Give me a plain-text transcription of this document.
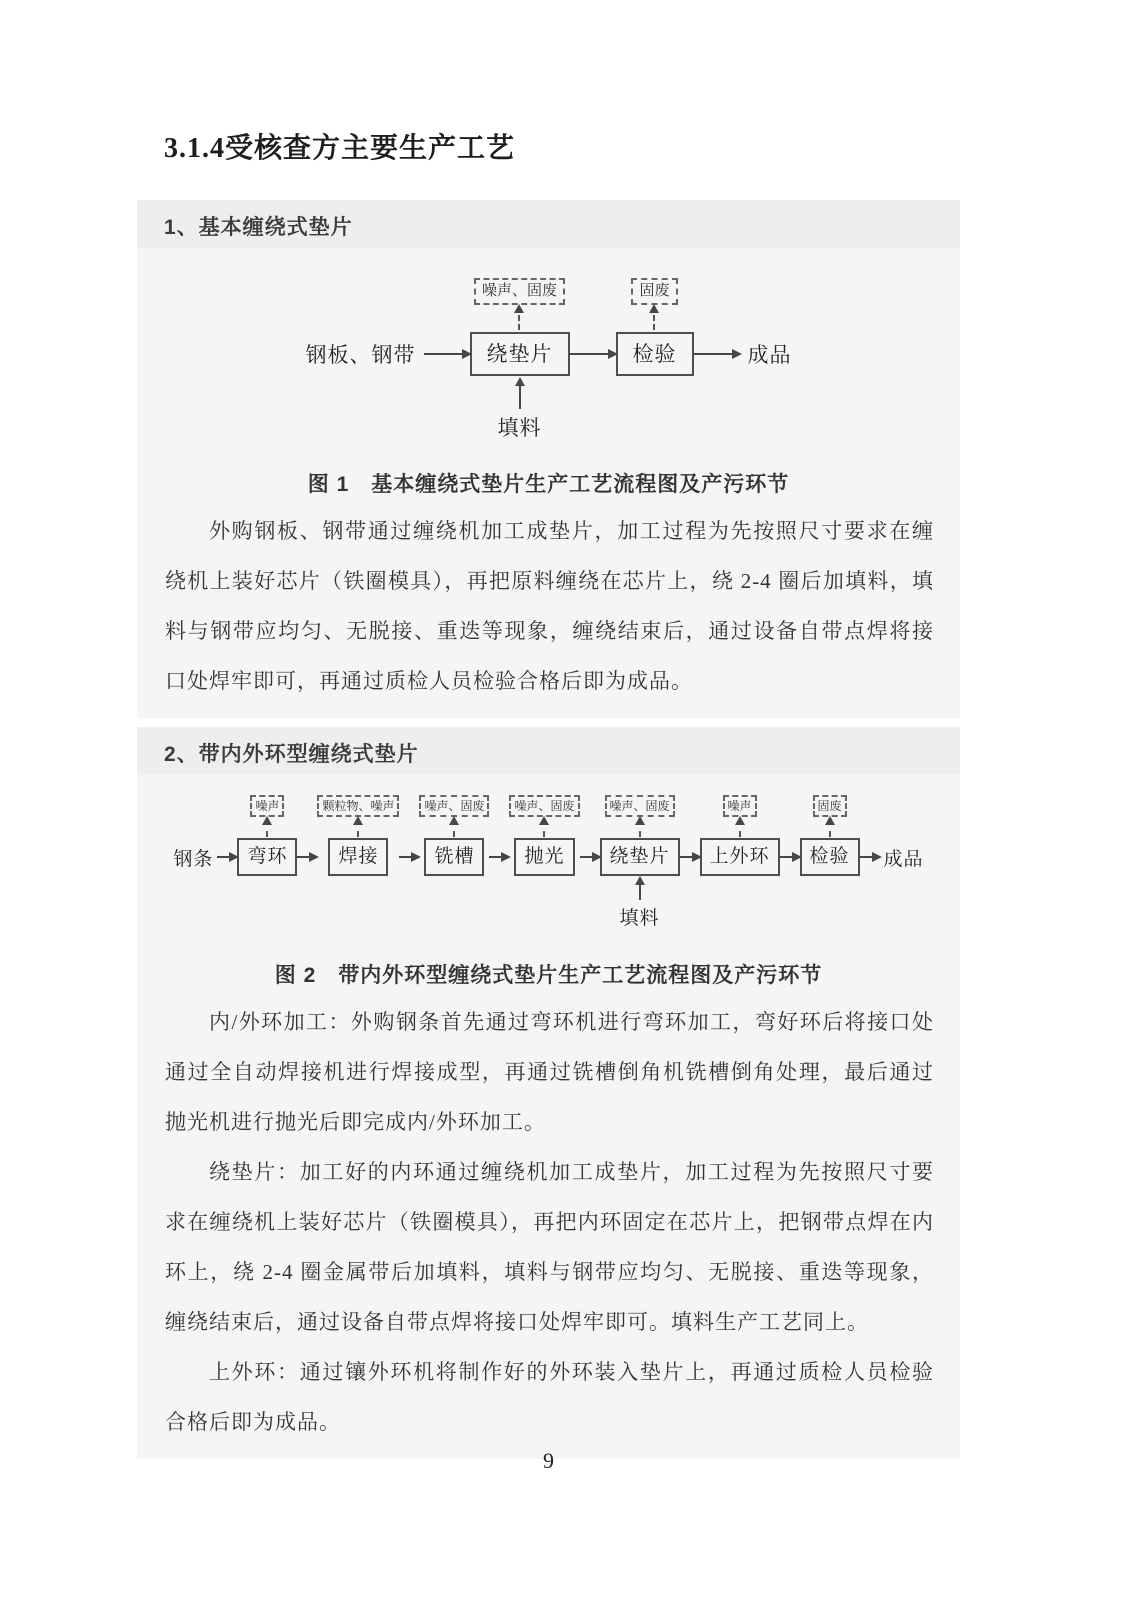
3.1.4受核查方主要生产工艺
1、基本缠绕式垫片
钢板、钢带
噪声、固废
绕垫片
填料
固废
检验	成品

图 1　基本缠绕式垫片生产工艺流程图及产污环节

外购钢板、钢带通过缠绕机加工成垫片，加工过程为先按照尺寸要求在缠绕机上装好芯片（铁圈模具），再把原料缠绕在芯片上，绕 2-4 圈后加填料，填料与钢带应均匀、无脱接、重迭等现象，缠绕结束后，通过设备自带点焊将接口处焊牢即可，再通过质检人员检验合格后即为成品。

2、带内外环型缠绕式垫片
钢条
噪声
弯环
颗粒物、噪声
焊接
噪声、固废
铣槽
噪声、固废
抛光
噪声、固废
绕垫片
填料
噪声
上外环
固废
检验	成品

图 2　带内外环型缠绕式垫片生产工艺流程图及产污环节

内/外环加工：外购钢条首先通过弯环机进行弯环加工，弯好环后将接口处通过全自动焊接机进行焊接成型，再通过铣槽倒角机铣槽倒角处理，最后通过抛光机进行抛光后即完成内/外环加工。

绕垫片：加工好的内环通过缠绕机加工成垫片，加工过程为先按照尺寸要求在缠绕机上装好芯片（铁圈模具），再把内环固定在芯片上，把钢带点焊在内环上，绕 2-4 圈金属带后加填料，填料与钢带应均匀、无脱接、重迭等现象，缠绕结束后，通过设备自带点焊将接口处焊牢即可。填料生产工艺同上。

上外环：通过镶外环机将制作好的外环装入垫片上，再通过质检人员检验合格后即为成品。

9
